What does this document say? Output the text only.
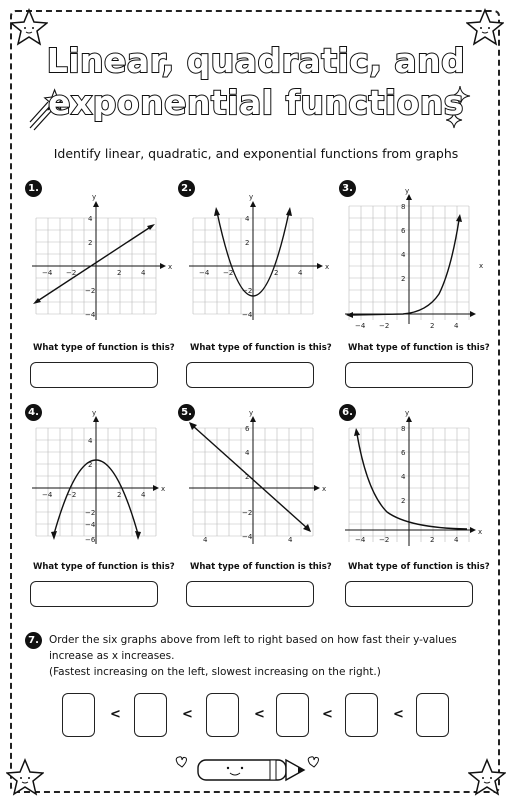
Linear, quadratic, and
exponential functions
Identify linear, quadratic, and exponential functions from graphs
1.	2.	3.
4.	5.	6.
x
y
−4 −2	2	4
4
2
−2
−4
x
y
−4 −2	2	4
4
2
−2
−4
x
y
−4 −2	2	4
8
6
4
2
x
y
−4 −2	2	4
4
2
−2
−4
−6
x
y
4	4
6
4
2
−2
−4
x
y
−4 −2	2	4
8
6
4
2
What type of function is this? What type of function is this? What type of function is this?
What type of function is this? What type of function is this? What type of function is this?
7. Order the six graphs above from left to right based on how fast their y-values
increase as x increases.
(Fastest increasing on the left, slowest increasing on the right.)
<	<	<	<	<
